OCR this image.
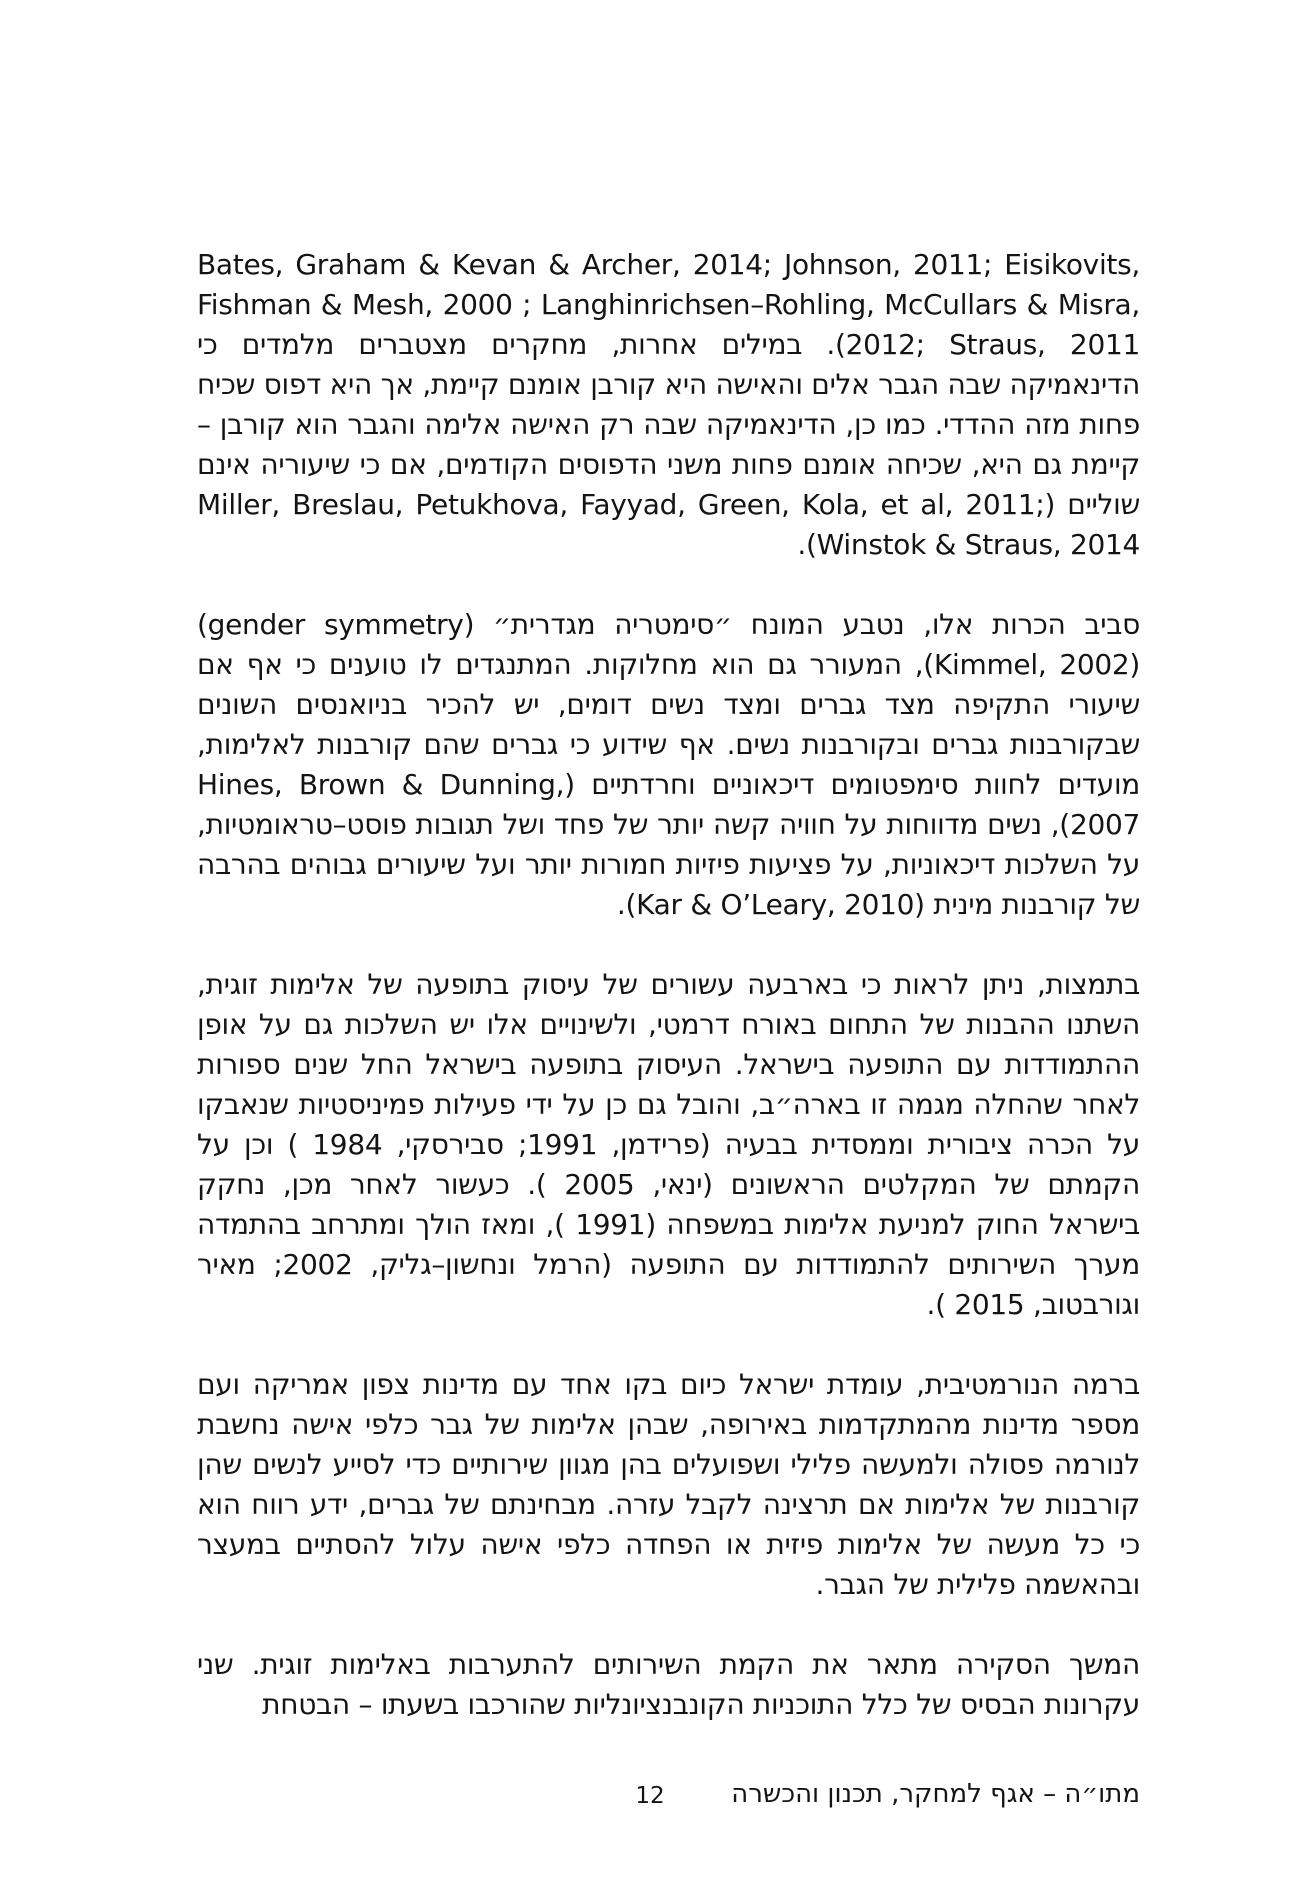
Bates, Graham & Kevan & Archer, 2014; Johnson, 2011; Eisikovits, Fishman & Mesh, 2000 ; Langhinrichsen–Rohling, McCullars & Misra, 2012; Straus, 2011). במילים אחרות, מחקרים מצטברים מלמדים כי הדינאמיקה שבה הגבר אלים והאישה היא קורבן אומנם קיימת, אך היא דפוס שכיח פחות מזה ההדדי. כמו כן, הדינאמיקה שבה רק האישה אלימה והגבר הוא קורבן – קיימת גם היא, שכיחה אומנם פחות משני הדפוסים הקודמים, אם כי שיעוריה אינם שוליים (Miller, Breslau, Petukhova, Fayyad, Green, Kola, et al, 2011; Winstok & Straus, 2014).

סביב הכרות אלו, נטבע המונח ״סימטריה מגדרית״ (gender symmetry) (Kimmel, 2002), המעורר גם הוא מחלוקות. המתנגדים לו טוענים כי אף אם שיעורי התקיפה מצד גברים ומצד נשים דומים, יש להכיר בניואנסים השונים שבקורבנות גברים ובקורבנות נשים. אף שידוע כי גברים שהם קורבנות לאלימות, מועדים לחוות סימפטומים דיכאוניים וחרדתיים (Hines, Brown & Dunning, 2007), נשים מדווחות על חוויה קשה יותר של פחד ושל תגובות פוסט–טראומטיות, על השלכות דיכאוניות, על פציעות פיזיות חמורות יותר ועל שיעורים גבוהים בהרבה של קורבנות מינית (Kar & O’Leary, 2010).

בתמצות, ניתן לראות כי בארבעה עשורים של עיסוק בתופעה של אלימות זוגית, השתנו ההבנות של התחום באורח דרמטי, ולשינויים אלו יש השלכות גם על אופן ההתמודדות עם התופעה בישראל. העיסוק בתופעה בישראל החל שנים ספורות לאחר שהחלה מגמה זו בארה״ב, והובל גם כן על ידי פעילות פמיניסטיות שנאבקו על הכרה ציבורית וממסדית בבעיה (פרידמן, 1991; סבירסקי, 1984 ) וכן על הקמתם של המקלטים הראשונים (ינאי, 2005 ). כעשור לאחר מכן, נחקק בישראל החוק למניעת אלימות במשפחה (1991 ), ומאז הולך ומתרחב בהתמדה מערך השירותים להתמודדות עם התופעה (הרמל ונחשון–גליק, 2002; מאיר וגורבטוב, 2015 ).

ברמה הנורמטיבית, עומדת ישראל כיום בקו אחד עם מדינות צפון אמריקה ועם מספר מדינות מהמתקדמות באירופה, שבהן אלימות של גבר כלפי אישה נחשבת לנורמה פסולה ולמעשה פלילי ושפועלים בהן מגוון שירותיים כדי לסייע לנשים שהן קורבנות של אלימות אם תרצינה לקבל עזרה. מבחינתם של גברים, ידע רווח הוא כי כל מעשה של אלימות פיזית או הפחדה כלפי אישה עלול להסתיים במעצר ובהאשמה פלילית של הגבר.

המשך הסקירה מתאר את הקמת השירותים להתערבות באלימות זוגית. שני עקרונות הבסיס של כלל התוכניות הקונבנציונליות שהורכבו בשעתו – הבטחת

מתו״ה – אגף למחקר, תכנון והכשרה
12
